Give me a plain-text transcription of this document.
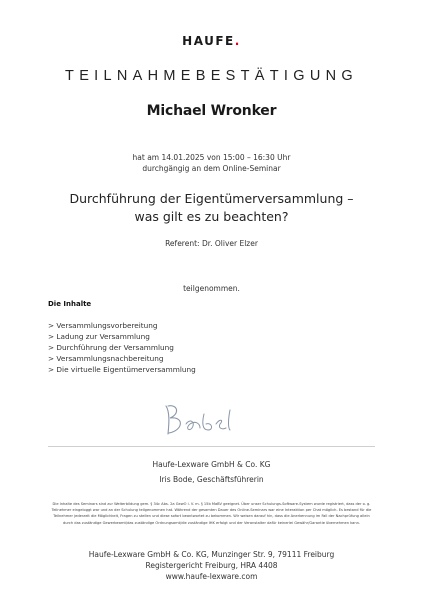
HAUFE.
TEILNAHMEBESTÄTIGUNG
Michael Wronker
hat am 14.01.2025 von 15:00 – 16:30 Uhr
durchgängig an dem Online-Seminar
Durchführung der Eigentümerversammlung –
was gilt es zu beachten?
Referent: Dr. Oliver Elzer
teilgenommen.
Die Inhalte
> Versammlungsvorbereitung
> Ladung zur Versammlung
> Durchführung der Versammlung
> Versammlungsnachbereitung
> Die virtuelle Eigentümerversammlung
Haufe-Lexware GmbH & Co. KG
Iris Bode, Geschäftsführerin
Die Inhalte des Seminars sind zur Weiterbildung gem. § 34c Abs. 2a GewO i. V. m. § 15b MaBV geeignet. Über unser Schulungs-Software-System wurde registriert, dass der o. g. Teilnehmer eingeloggt war und an der Schulung teilgenommen hat. Während der gesamten Dauer des Online-Seminars war eine Interaktion per Chat möglich. Es bestand für die Teilnehmer jederzeit die Möglichkeit, Fragen zu stellen und diese sofort beantwortet zu bekommen. Wir weisen darauf hin, dass die Anerkennung im Fall der Nachprüfung allein durch das zuständige Gewerbeamt/das zuständige Ordnungsamt/die zuständige IHK erfolgt und der Veranstalter dafür keinerlei Gewähr/Garantie übernehmen kann.
Haufe-Lexware GmbH & Co. KG, Munzinger Str. 9, 79111 Freiburg
Registergericht Freiburg, HRA 4408
www.haufe-lexware.com
